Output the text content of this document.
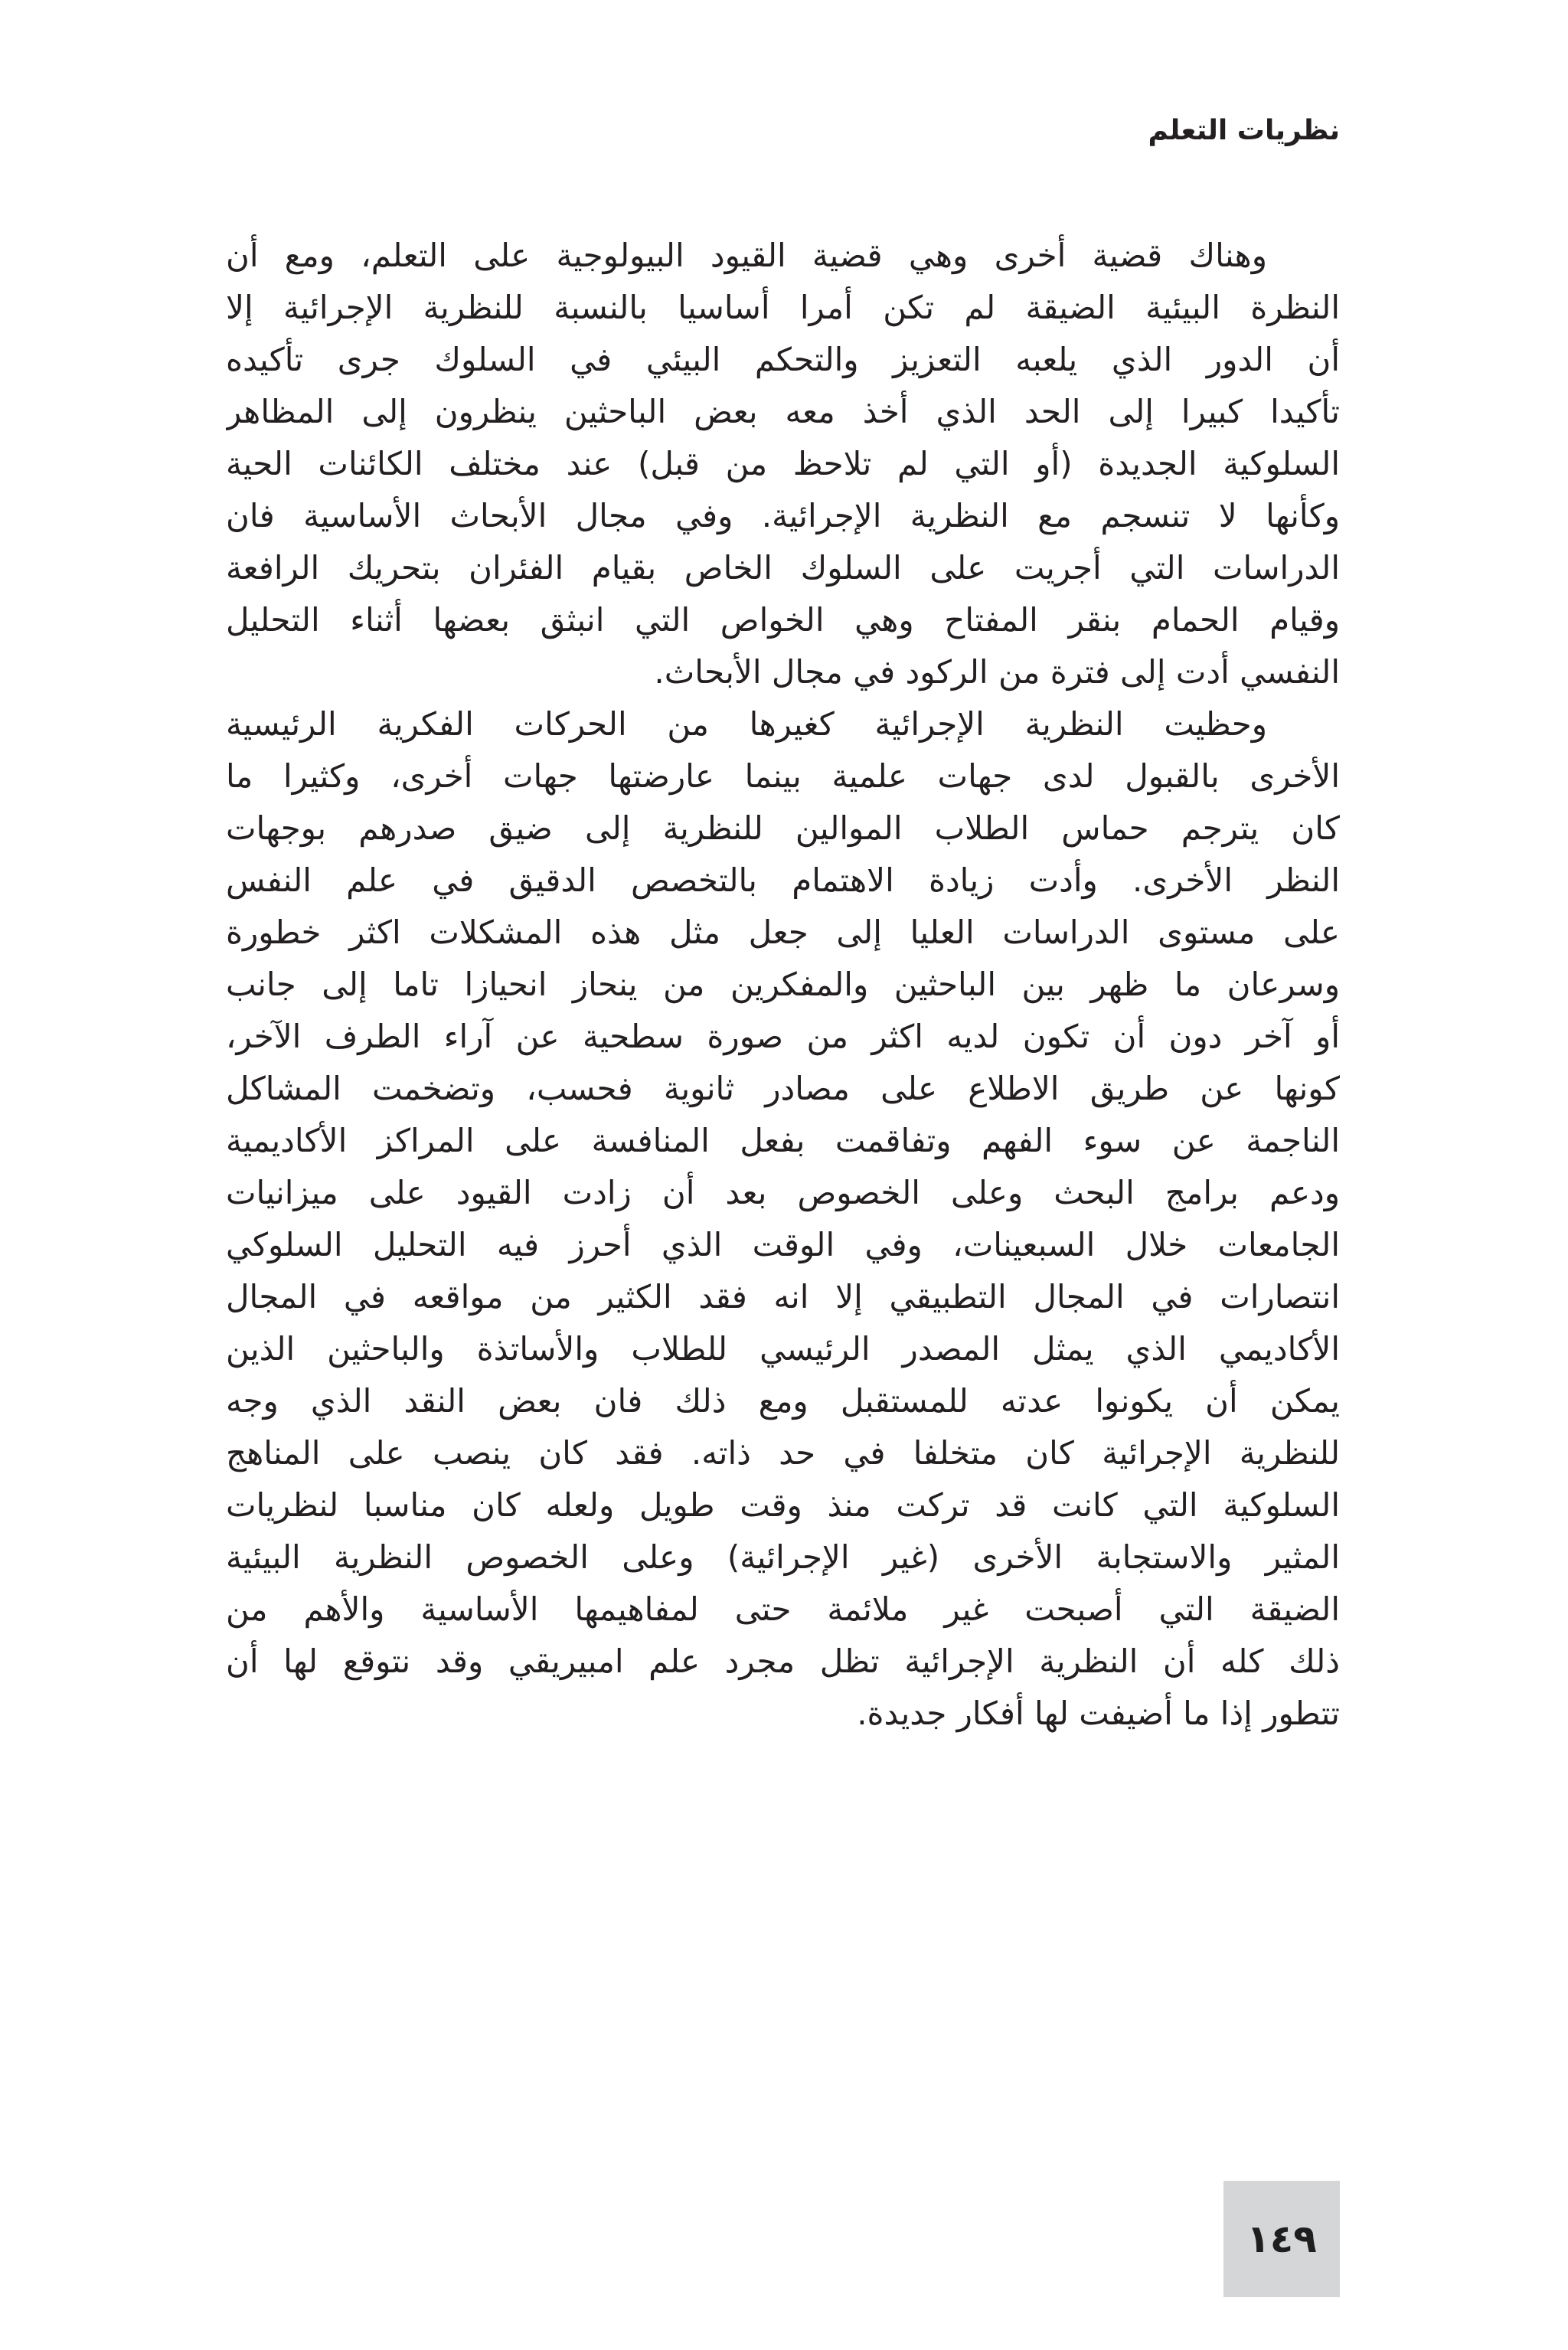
نظريات التعلم
وهناك قضية أخرى وهي قضية القيود البيولوجية على التعلم، ومع أن
النظرة البيئية الضيقة لم تكن أمرا أساسيا بالنسبة للنظرية الإجرائية إلا
أن الدور الذي يلعبه التعزيز والتحكم البيئي في السلوك جرى تأكيده
تأكيدا كبيرا إلى الحد الذي أخذ معه بعض الباحثين ينظرون إلى المظاهر
السلوكية الجديدة (أو التي لم تلاحظ من قبل) عند مختلف الكائنات الحية
وكأنها لا تنسجم مع النظرية الإجرائية. وفي مجال الأبحاث الأساسية فان
الدراسات التي أجريت على السلوك الخاص بقيام الفئران بتحريك الرافعة
وقيام الحمام بنقر المفتاح وهي الخواص التي انبثق بعضها أثناء التحليل
النفسي أدت إلى فترة من الركود في مجال الأبحاث.
وحظيت النظرية الإجرائية كغيرها من الحركات الفكرية الرئيسية
الأخرى بالقبول لدى جهات علمية بينما عارضتها جهات أخرى، وكثيرا ما
كان يترجم حماس الطلاب الموالين للنظرية إلى ضيق صدرهم بوجهات
النظر الأخرى. وأدت زيادة الاهتمام بالتخصص الدقيق في علم النفس
على مستوى الدراسات العليا إلى جعل مثل هذه المشكلات اكثر خطورة
وسرعان ما ظهر بين الباحثين والمفكرين من ينحاز انحيازا تاما إلى جانب
أو آخر دون أن تكون لديه اكثر من صورة سطحية عن آراء الطرف الآخر،
كونها عن طريق الاطلاع على مصادر ثانوية فحسب، وتضخمت المشاكل
الناجمة عن سوء الفهم وتفاقمت بفعل المنافسة على المراكز الأكاديمية
ودعم برامج البحث وعلى الخصوص بعد أن زادت القيود على ميزانيات
الجامعات خلال السبعينات، وفي الوقت الذي أحرز فيه التحليل السلوكي
انتصارات في المجال التطبيقي إلا انه فقد الكثير من مواقعه في المجال
الأكاديمي الذي يمثل المصدر الرئيسي للطلاب والأساتذة والباحثين الذين
يمكن أن يكونوا عدته للمستقبل ومع ذلك فان بعض النقد الذي وجه
للنظرية الإجرائية كان متخلفا في حد ذاته. فقد كان ينصب على المناهج
السلوكية التي كانت قد تركت منذ وقت طويل ولعله كان مناسبا لنظريات
المثير والاستجابة الأخرى (غير الإجرائية) وعلى الخصوص النظرية البيئية
الضيقة التي أصبحت غير ملائمة حتى لمفاهيمها الأساسية والأهم من
ذلك كله أن النظرية الإجرائية تظل مجرد علم امبيريقي وقد نتوقع لها أن
تتطور إذا ما أضيفت لها أفكار جديدة.
١٤٩
